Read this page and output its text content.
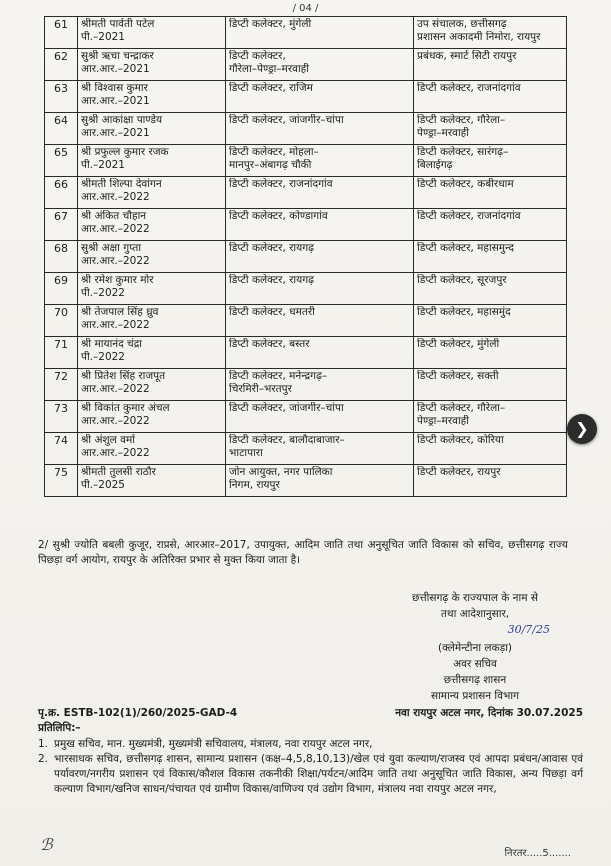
/ 04 /
61	श्रीमती पार्वती पटेल
पी.–2021	डिप्टी कलेक्टर, मुंगेली	उप संचालक, छत्तीसगढ़
प्रशासन अकादमी निमोरा, रायपुर

62	सुश्री ऋचा चन्द्राकर
आर.आर.–2021	डिप्टी कलेक्टर,
गौरेला–पेण्ड्रा–मरवाही	प्रबंधक, स्मार्ट सिटी रायपुर

63	श्री विश्वास कुमार
आर.आर.–2021	डिप्टी कलेक्टर, राजिम	डिप्टी कलेक्टर, राजनांदगांव

64	सुश्री आकांक्षा पाण्डेय
आर.आर.–2021	डिप्टी कलेक्टर, जांजगीर–चांपा	डिप्टी कलेक्टर, गौरेला–
पेण्ड्रा–मरवाही

65	श्री प्रफुल्ल कुमार रजक
पी.–2021	डिप्टी कलेक्टर, मोहला–
मानपुर–अंबागढ़ चौकी	डिप्टी कलेक्टर, सारंगढ़–
बिलाईगढ़

66	श्रीमती शिल्पा देवांगन
आर.आर.–2022	डिप्टी कलेक्टर, राजनांदगांव	डिप्टी कलेक्टर, कबीरधाम

67	श्री अंकित चौहान
आर.आर.–2022	डिप्टी कलेक्टर, कोण्डागांव	डिप्टी कलेक्टर, राजनांदगांव

68	सुश्री अक्षा गुप्ता
आर.आर.–2022	डिप्टी कलेक्टर, रायगढ़	डिप्टी कलेक्टर, महासमुन्द

69	श्री रमेश कुमार मोर
पी.–2022	डिप्टी कलेक्टर, रायगढ़	डिप्टी कलेक्टर, सूरजपुर

70	श्री तेजपाल सिंह ध्रुव
आर.आर.–2022	डिप्टी कलेक्टर, धमतरी	डिप्टी कलेक्टर, महासमुंद

71	श्री मायानंद चंद्रा
पी.–2022	डिप्टी कलेक्टर, बस्तर	डिप्टी कलेक्टर, मुंगेली

72	श्री प्रितेश सिंह राजपूत
आर.आर.–2022	डिप्टी कलेक्टर, मनेन्द्रगढ़–
चिरमिरी–भरतपुर	डिप्टी कलेक्टर, सक्ती

73	श्री विकांत कुमार अंचल
आर.आर.–2022	डिप्टी कलेक्टर, जांजगीर–चांपा	डिप्टी कलेक्टर, गौरेला–
पेण्ड्रा–मरवाही

74	श्री अंशुल वर्मा
आर.आर.–2022	डिप्टी कलेक्टर, बालौदाबाजार–
भाटापारा	डिप्टी कलेक्टर, कोरिया

75	श्रीमती तुलसी राठौर
पी.–2025	जोन आयुक्त, नगर पालिका
निगम, रायपुर	डिप्टी कलेक्टर, रायपुर
2/ सुश्री ज्योति बबली कुजूर, राप्रसे, आरआर–2017, उपायुक्त, आदिम जाति तथा अनुसूचित जाति विकास को सचिव, छत्तीसगढ़ राज्य पिछड़ा वर्ग आयोग, रायपुर के अतिरिक्त प्रभार से मुक्त किया जाता है।
छत्तीसगढ़ के राज्यपाल के नाम से
तथा आदेशानुसार,
30/7/25
(क्लेमेन्टीना लकड़ा)
अवर सचिव
छत्तीसगढ़ शासन
सामान्य प्रशासन विभाग
पृ.क्र. ESTB-102(1)/260/2025-GAD-4	नवा रायपुर अटल नगर, दिनांक 30.07.2025
प्रतिलिपि:–
1. प्रमुख सचिव, मान. मुख्यमंत्री, मुख्यमंत्री सचिवालय, मंत्रालय, नवा रायपुर अटल नगर,
2. भारसाधक सचिव, छत्तीसगढ़ शासन, सामान्य प्रशासन (कक्ष–4,5,8,10,13)/खेल एवं युवा कल्याण/राजस्व एवं आपदा प्रबंधन/आवास एवं पर्यावरण/नगरीय प्रशासन एवं विकास/कौशल विकास तकनीकी शिक्षा/पर्यटन/आदिम जाति तथा अनुसूचित जाति विकास, अन्य पिछड़ा वर्ग कल्याण विभाग/खनिज साधन/पंचायत एवं ग्रामीण विकास/वाणिज्य एवं उद्योग विभाग, मंत्रालय नवा रायपुर अटल नगर,
ℬ	निरतर.....5.......
❯
